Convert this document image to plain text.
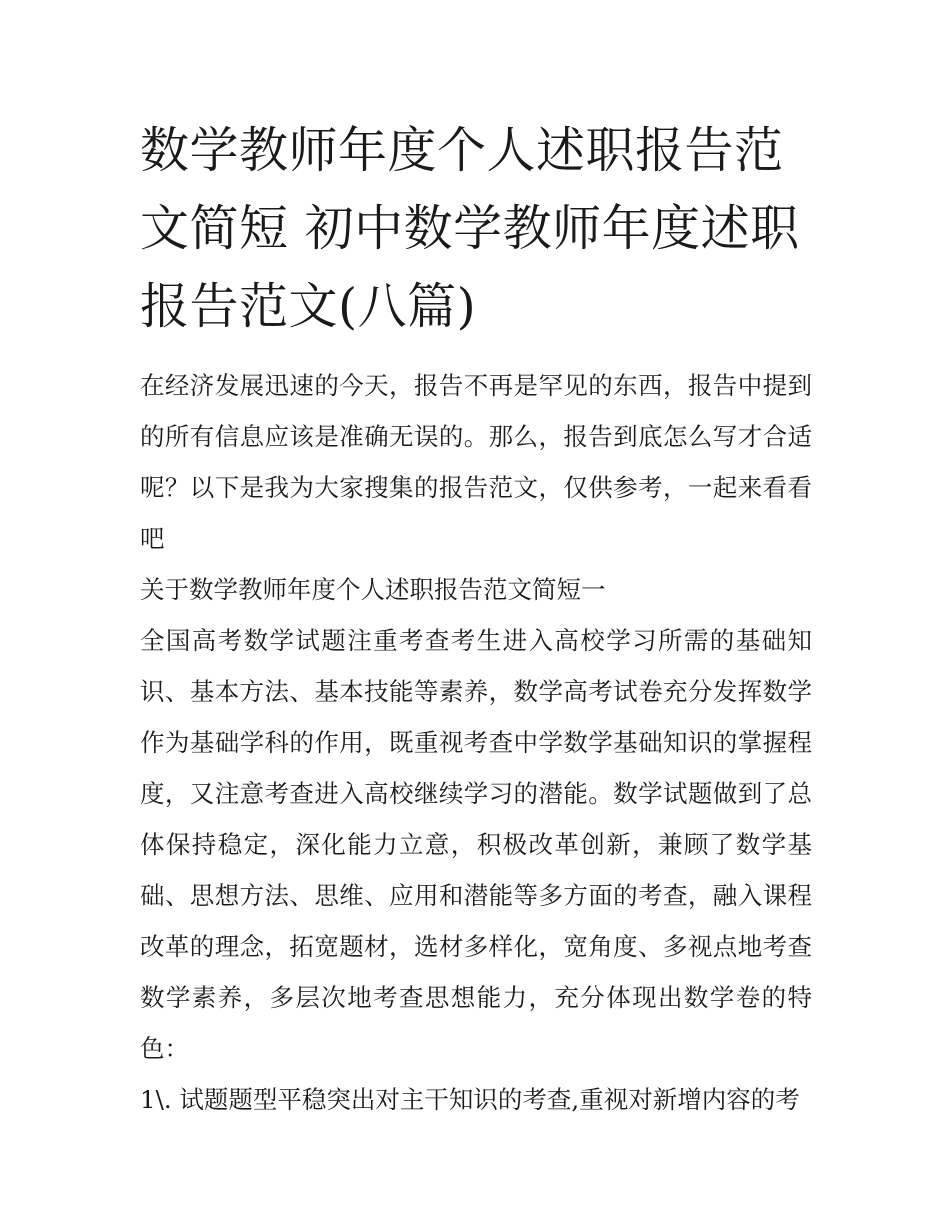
数学教师年度个人述职报告范文简短 初中数学教师年度述职报告范文(八篇)

在经济发展迅速的今天，报告不再是罕见的东西，报告中提到的所有信息应该是准确无误的。那么，报告到底怎么写才合适呢？以下是我为大家搜集的报告范文，仅供参考，一起来看看吧

关于数学教师年度个人述职报告范文简短一

全国高考数学试题注重考查考生进入高校学习所需的基础知识、基本方法、基本技能等素养，数学高考试卷充分发挥数学作为基础学科的作用，既重视考查中学数学基础知识的掌握程度，又注意考查进入高校继续学习的潜能。数学试题做到了总体保持稳定，深化能力立意，积极改革创新，兼顾了数学基础、思想方法、思维、应用和潜能等多方面的考查，融入课程改革的理念，拓宽题材，选材多样化，宽角度、多视点地考查数学素养，多层次地考查思想能力，充分体现出数学卷的特色：

1\. 试题题型平稳突出对主干知识的考查,重视对新增内容的考
